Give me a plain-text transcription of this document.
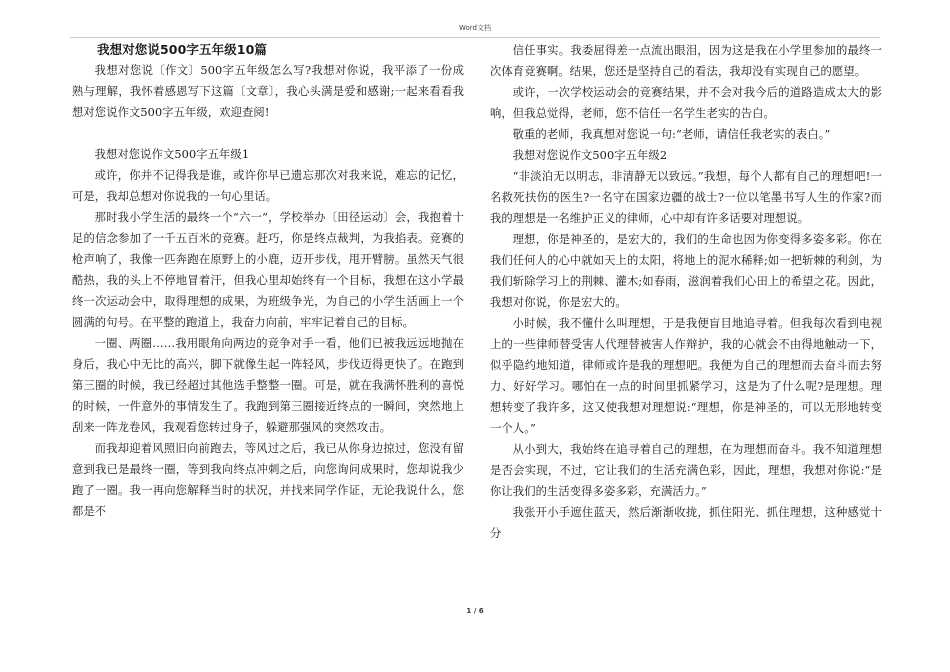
Word文档

我想对您说500字五年级10篇

我想对您说〔作文〕500字五年级怎么写?我想对你说，我平添了一份成熟与理解，我怀着感恩写下这篇〔文章〕，我心头满是爱和感谢;一起来看看我想对您说作文500字五年级，欢迎查阅!

我想对您说作文500字五年级1

或许，你并不记得我是谁，或许你早已遗忘那次对我来说，难忘的记忆，可是，我却总想对你说我的一句心里话。

那时我小学生活的最终一个“六一”，学校举办〔田径运动〕会，我抱着十足的信念参加了一千五百米的竞赛。赶巧，你是终点裁判，为我掐表。竞赛的枪声响了，我像一匹奔跑在原野上的小鹿，迈开步伐，甩开臂膀。虽然天气很酷热，我的头上不停地冒着汗，但我心里却始终有一个目标，我想在这小学最终一次运动会中，取得理想的成果，为班级争光，为自己的小学生活画上一个圆满的句号。在平整的跑道上，我奋力向前，牢牢记着自己的目标。

一圈、两圈……我用眼角向两边的竞争对手一看，他们已被我远远地抛在身后，我心中无比的高兴，脚下就像生起一阵轻风，步伐迈得更快了。在跑到第三圈的时候，我已经超过其他选手整整一圈。可是，就在我满怀胜利的喜悦的时候，一件意外的事情发生了。我跑到第三圈接近终点的一瞬间，突然地上刮来一阵龙卷风，我观看您转过身子，躲避那强风的突然攻击。

而我却迎着风照旧向前跑去，等风过之后，我已从你身边掠过，您没有留意到我已是最终一圈，等到我向终点冲刺之后，向您询问成果时，您却说我少跑了一圈。我一再向您解释当时的状况，并找来同学作证，无论我说什么，您都是不

信任事实。我委屈得差一点流出眼泪，因为这是我在小学里参加的最终一次体育竞赛啊。结果，您还是坚持自己的看法，我却没有实现自己的愿望。

或许，一次学校运动会的竞赛结果，并不会对我今后的道路造成太大的影响，但我总觉得，老师，您不信任一名学生老实的告白。

敬重的老师，我真想对您说一句:“老师，请信任我老实的表白。”

我想对您说作文500字五年级2

“非淡泊无以明志，非清静无以致远。”我想，每个人都有自己的理想吧!一名救死扶伤的医生?一名守在国家边疆的战士?一位以笔墨书写人生的作家?而我的理想是一名维护正义的律师，心中却有许多话要对理想说。

理想，你是神圣的，是宏大的，我们的生命也因为你变得多姿多彩。你在我们任何人的心中就如天上的太阳，将地上的泥水稀释;如一把斩棘的利剑，为我们斩除学习上的荆棘、灌木;如春雨，滋润着我们心田上的希望之花。因此，我想对你说，你是宏大的。

小时候，我不懂什么叫理想，于是我便盲目地追寻着。但我每次看到电视上的一些律师替受害人代理替被害人作辩护，我的心就会不由得地触动一下，似乎隐约地知道，律师或许是我的理想吧。我便为自己的理想而去奋斗而去努力、好好学习。哪怕在一点的时间里抓紧学习，这是为了什么呢?是理想。理想转变了我许多，这又使我想对理想说:“理想，你是神圣的，可以无形地转变一个人。”

从小到大，我始终在追寻着自己的理想，在为理想而奋斗。我不知道理想是否会实现，不过，它让我们的生活充满色彩，因此，理想，我想对你说:“是你让我们的生活变得多姿多彩，充满活力。”

我张开小手遮住蓝天，然后渐渐收拢，抓住阳光、抓住理想，这种感觉十分

1 / 6
